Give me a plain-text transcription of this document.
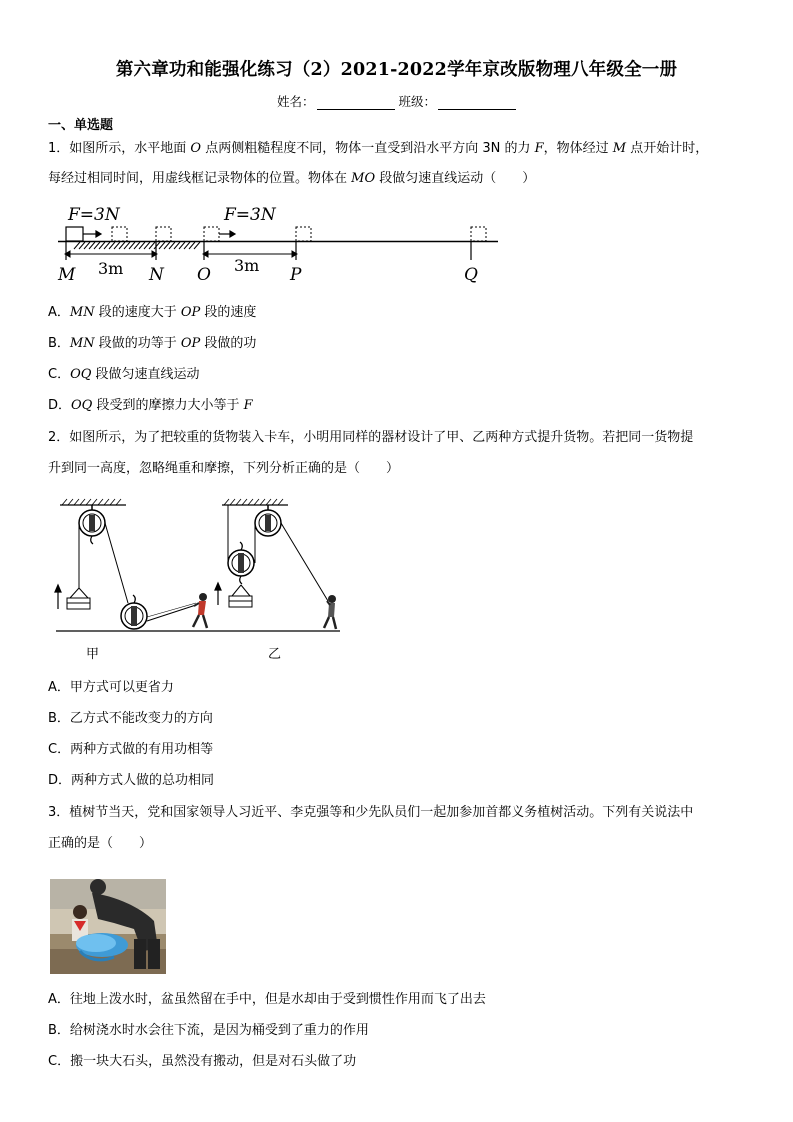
第六章功和能强化练习（2）2021-2022学年京改版物理八年级全一册
姓名：	班级：
一、单选题
1．如图所示，水平地面 O 点两侧粗糙程度不同，物体一直受到沿水平方向 3N 的力 F，物体经过 M 点开始计时，
每经过相同时间，用虚线框记录物体的位置。物体在 MO 段做匀速直线运动（　　）
F=3N	F=3N
3m	3m
M	N O	P	Q
A．MN 段的速度大于 OP 段的速度
B．MN 段做的功等于 OP 段做的功
C．OQ 段做匀速直线运动
D．OQ 段受到的摩擦力大小等于 F
2．如图所示，为了把较重的货物装入卡车，小明用同样的器材设计了甲、乙两种方式提升货物。若把同一货物提
升到同一高度，忽略绳重和摩擦，下列分析正确的是（　　）
甲	乙
A．甲方式可以更省力
B．乙方式不能改变力的方向
C．两种方式做的有用功相等
D．两种方式人做的总功相同
3．植树节当天，党和国家领导人习近平、李克强等和少先队员们一起加参加首都义务植树活动。下列有关说法中
正确的是（　　）
A．往地上泼水时，盆虽然留在手中，但是水却由于受到惯性作用而飞了出去
B．给树浇水时水会往下流，是因为桶受到了重力的作用
C．搬一块大石头，虽然没有搬动，但是对石头做了功
